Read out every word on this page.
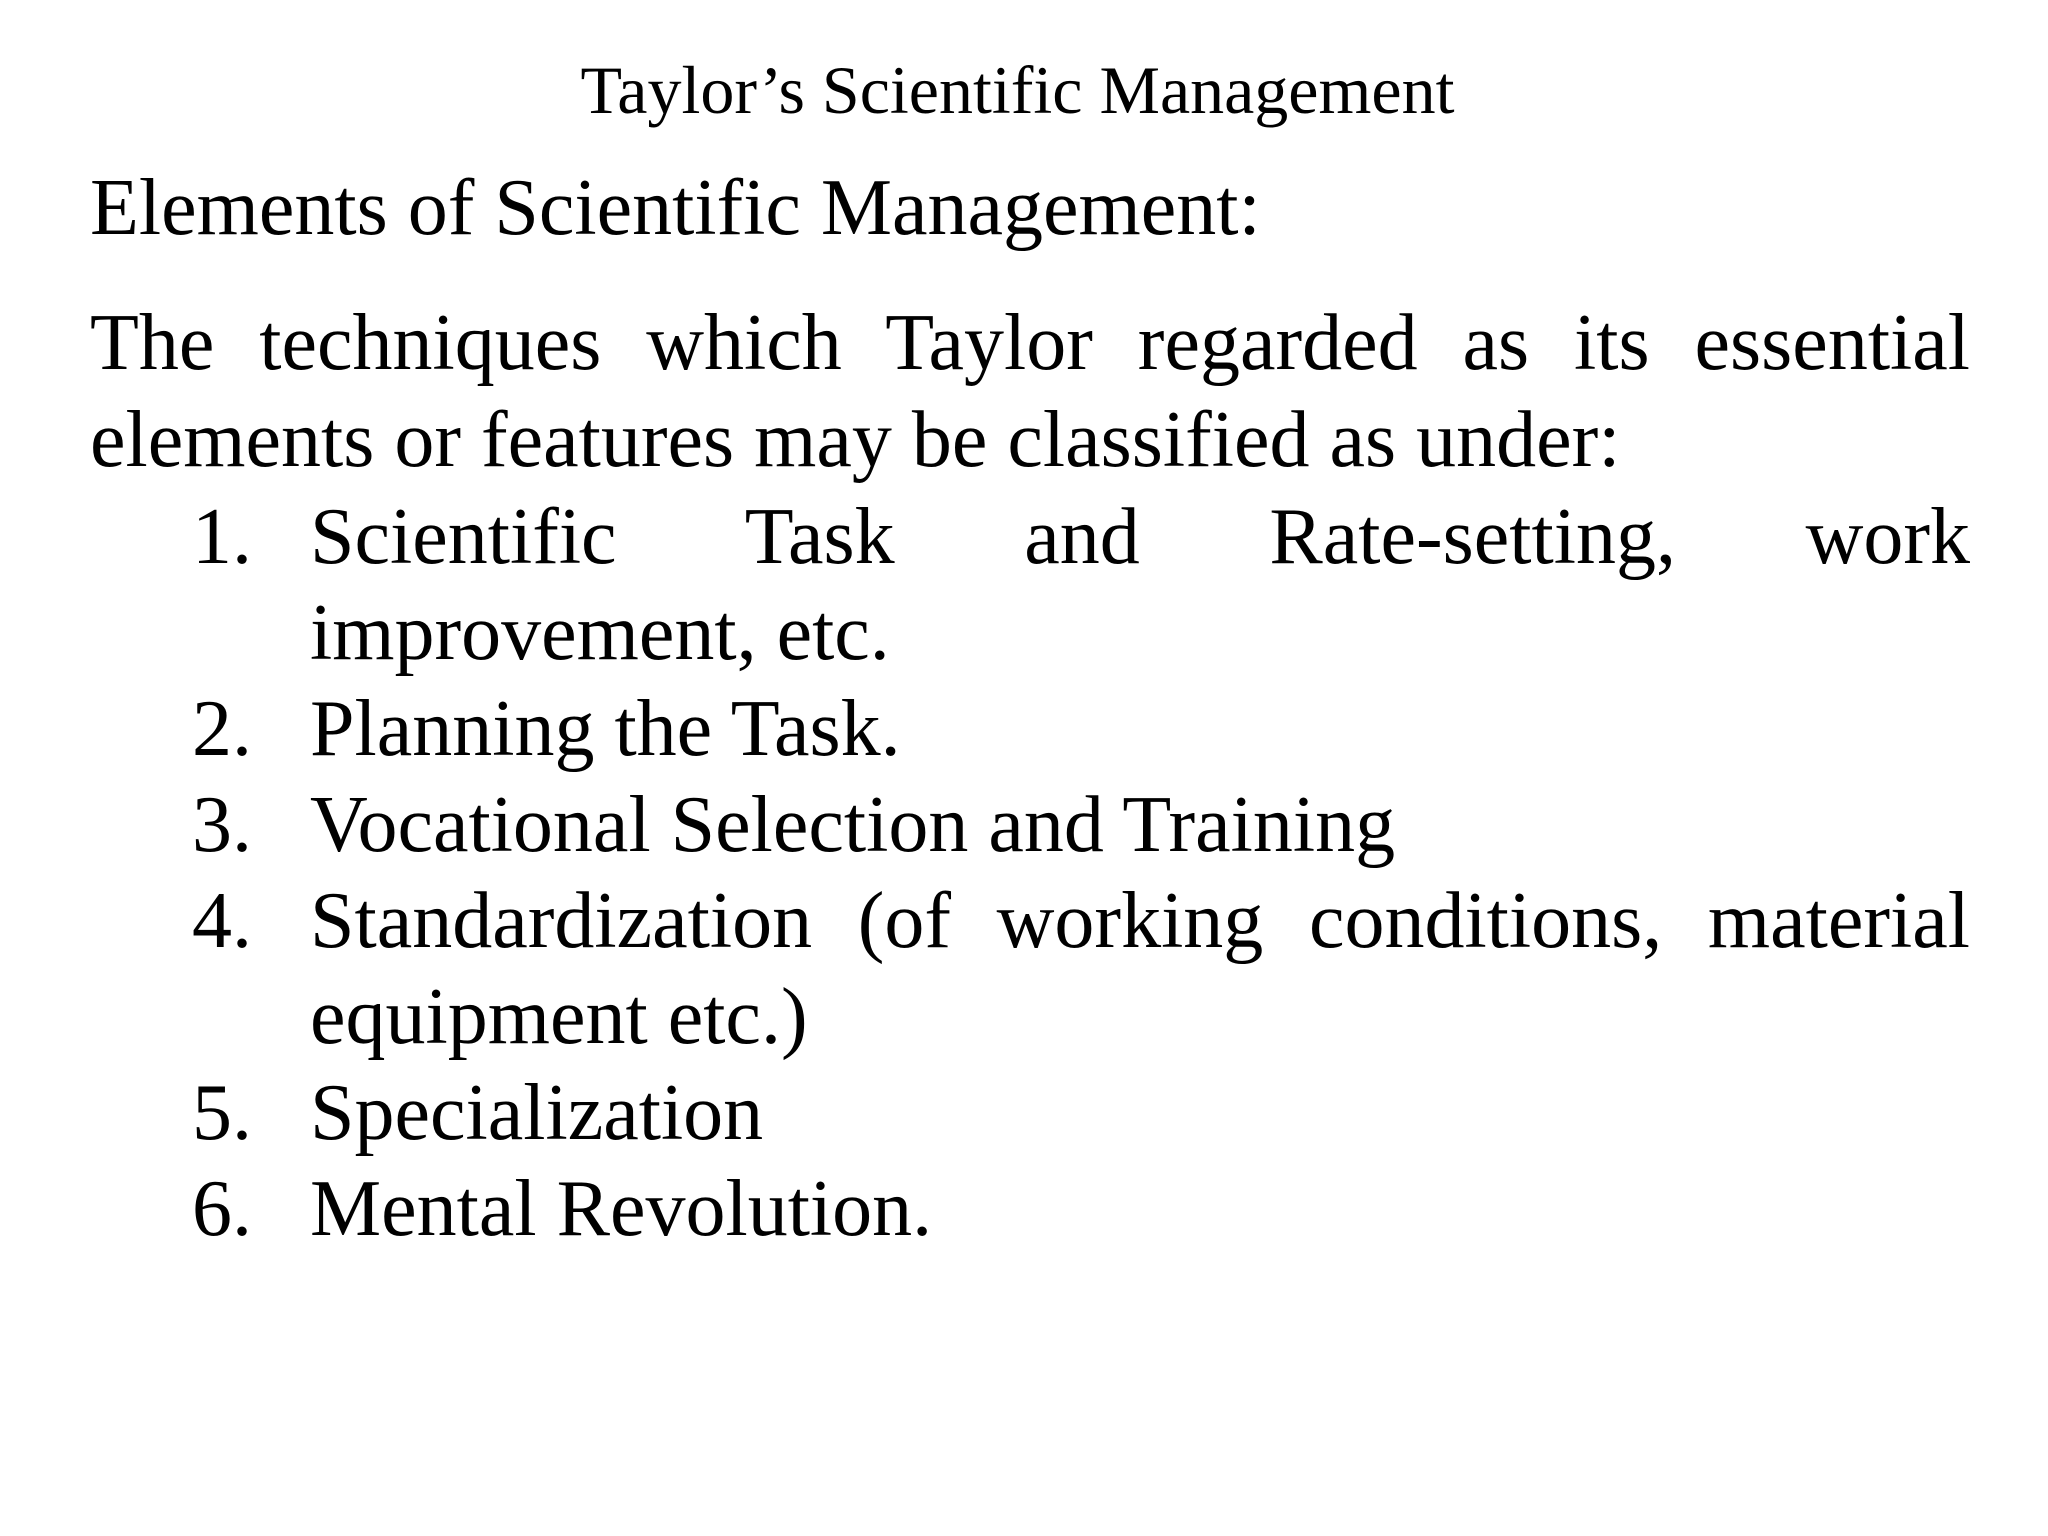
Taylor’s Scientific Management

Elements of Scientific Management:

The techniques which Taylor regarded as its essential elements or features may be classified as under:

1. Scientific Task and Rate-setting, work improvement, etc.
2. Planning the Task.
3. Vocational Selection and Training
4. Standardization (of working conditions, material equipment etc.)
5. Specialization
6. Mental Revolution.
